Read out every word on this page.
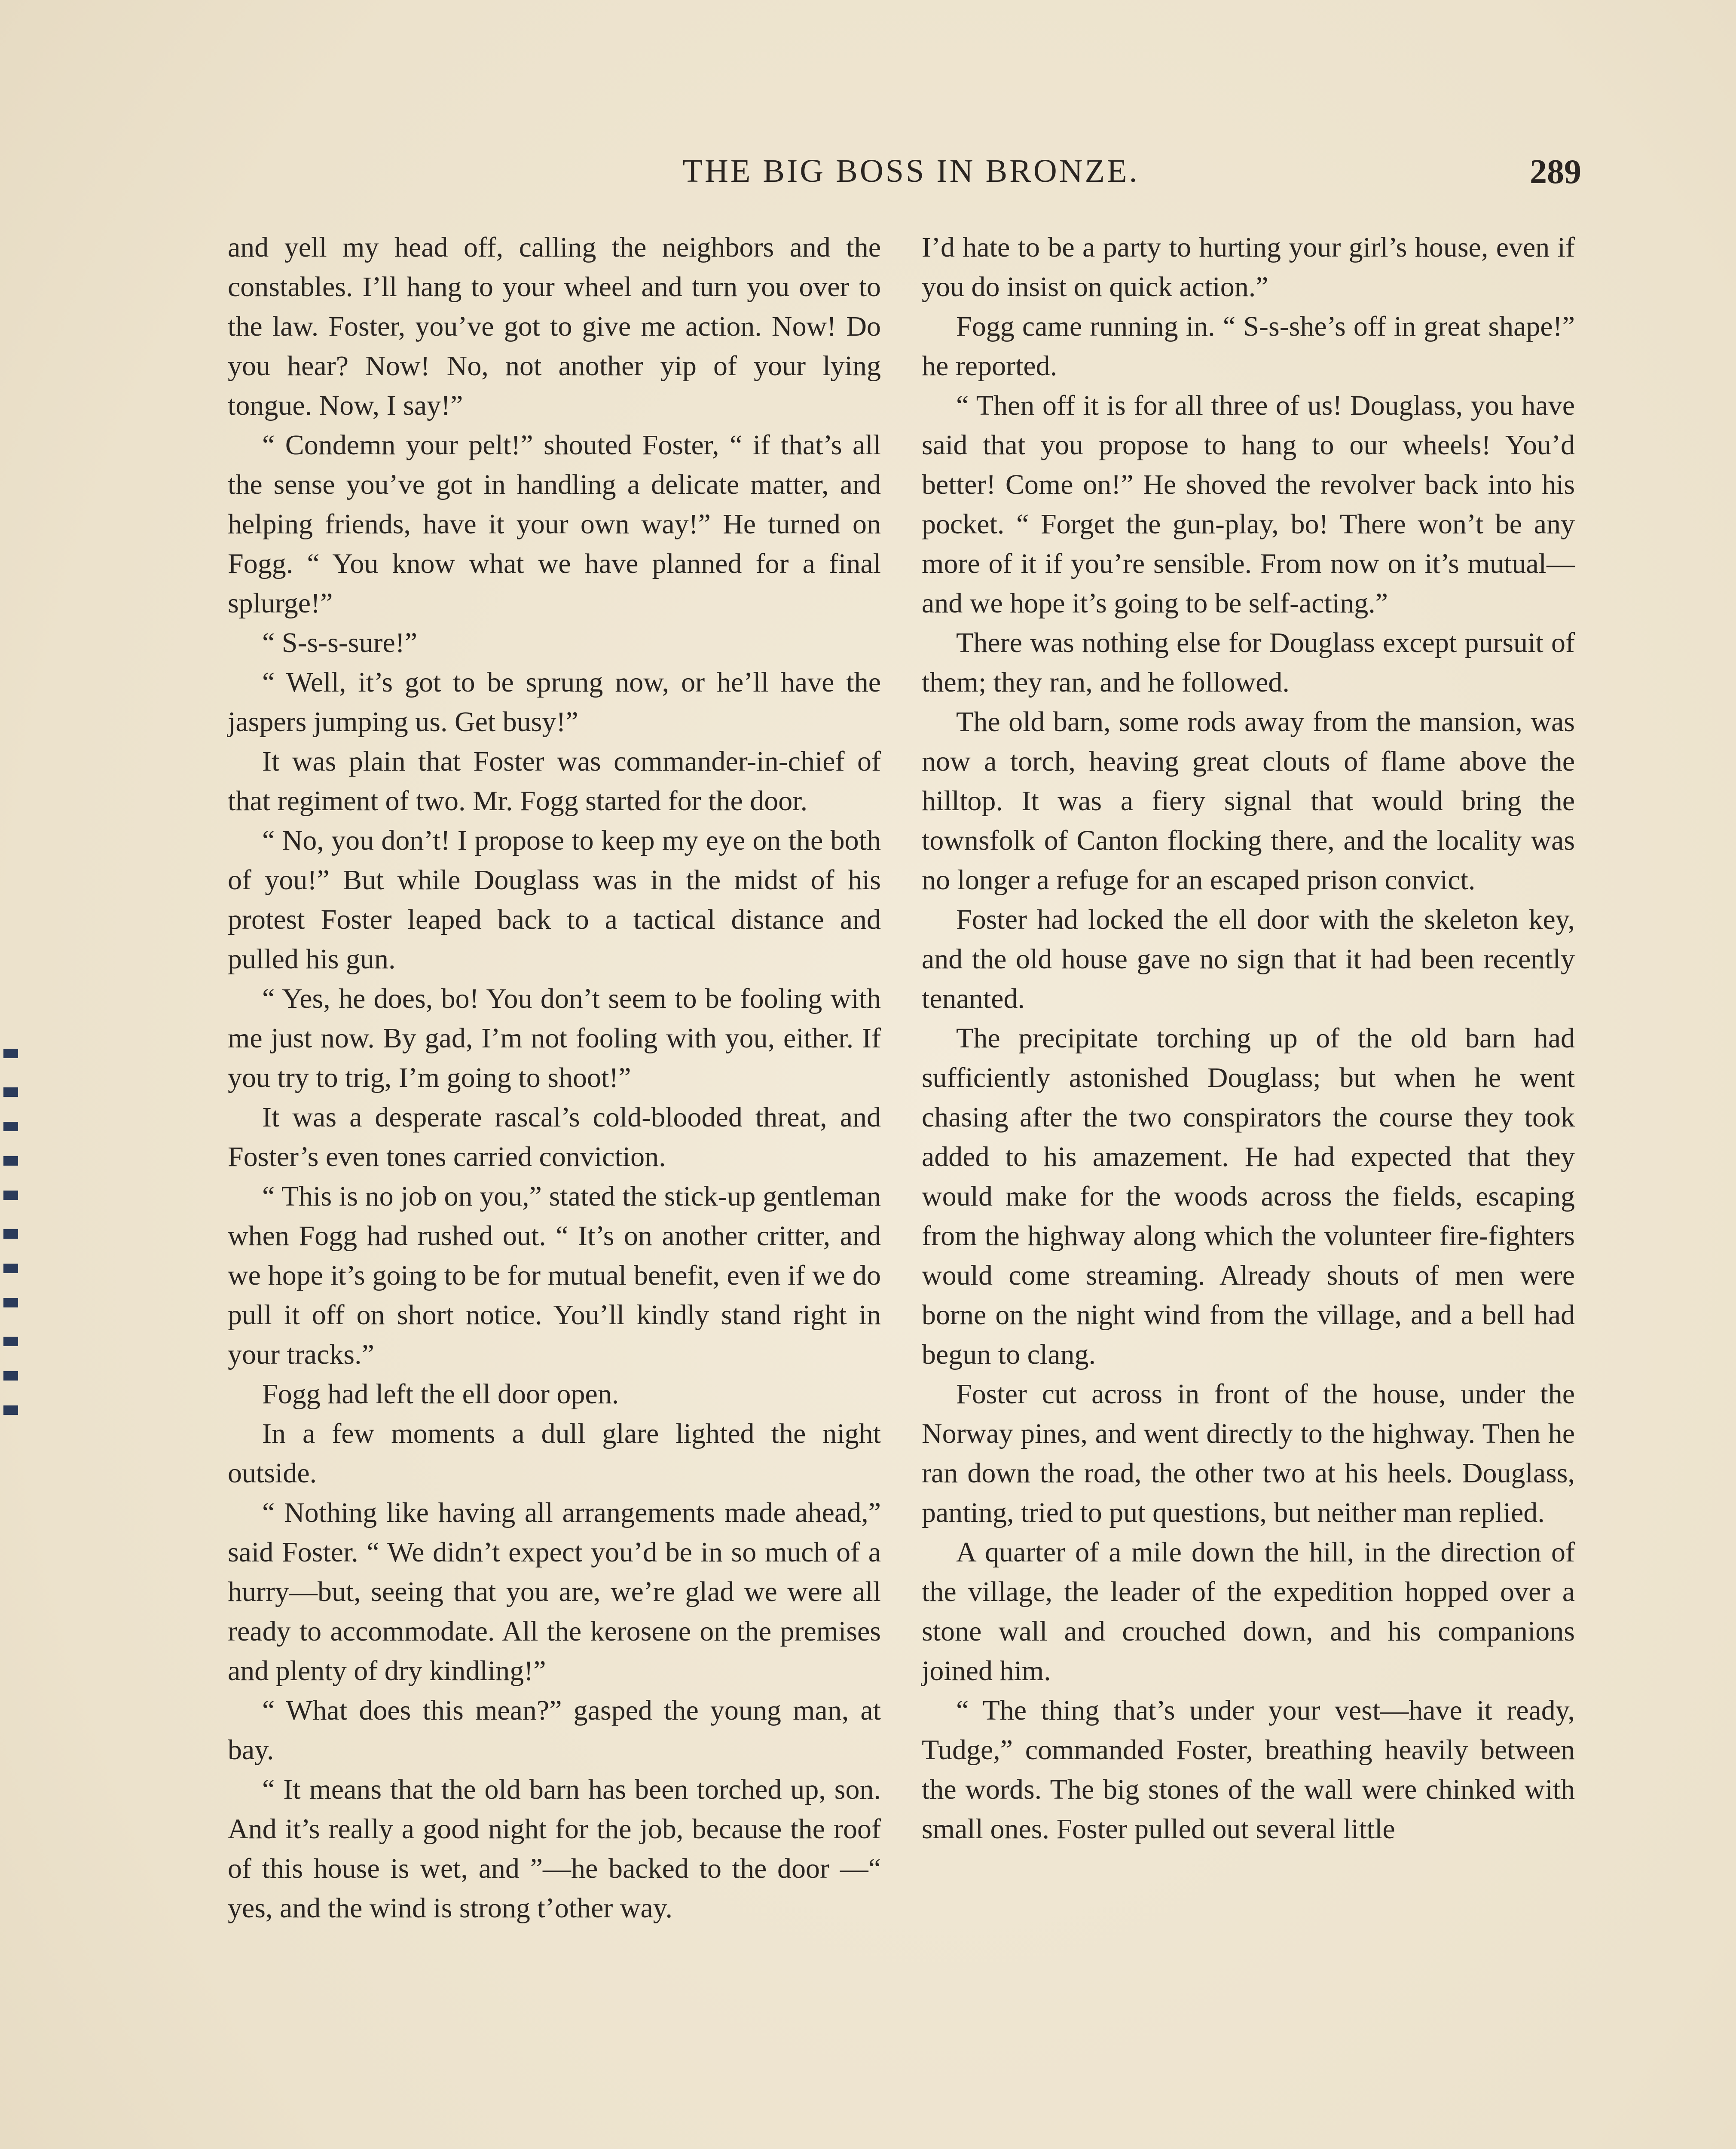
THE BIG BOSS IN BRONZE.	289

and yell my head off, calling the neighbors and the constables. I’ll hang to your wheel and turn you over to the law. Foster, you’ve got to give me action. Now! Do you hear? Now! No, not another yip of your lying tongue. Now, I say!”

“ Condemn your pelt!” shouted Foster, “ if that’s all the sense you’ve got in handling a delicate matter, and helping friends, have it your own way!” He turned on Fogg. “ You know what we have planned for a final splurge!”

“ S-s-s-sure!”

“ Well, it’s got to be sprung now, or he’ll have the jaspers jumping us. Get busy!”

It was plain that Foster was commander-in-chief of that regiment of two. Mr. Fogg started for the door.

“ No, you don’t! I propose to keep my eye on the both of you!” But while Douglass was in the midst of his protest Foster leaped back to a tactical distance and pulled his gun.

“ Yes, he does, bo! You don’t seem to be fooling with me just now. By gad, I’m not fooling with you, either. If you try to trig, I’m going to shoot!”

It was a desperate rascal’s cold-blooded threat, and Foster’s even tones carried conviction.

“ This is no job on you,” stated the stick-up gentleman when Fogg had rushed out. “ It’s on another critter, and we hope it’s going to be for mutual benefit, even if we do pull it off on short notice. You’ll kindly stand right in your tracks.”

Fogg had left the ell door open.

In a few moments a dull glare lighted the night outside.

“ Nothing like having all arrangements made ahead,” said Foster. “ We didn’t expect you’d be in so much of a hurry—but, seeing that you are, we’re glad we were all ready to accommodate. All the kerosene on the premises and plenty of dry kindling!”

“ What does this mean?” gasped the young man, at bay.

“ It means that the old barn has been torched up, son. And it’s really a good night for the job, because the roof of this house is wet, and ”—he backed to the door —“ yes, and the wind is strong t’other way.

I’d hate to be a party to hurting your girl’s house, even if you do insist on quick action.”

Fogg came running in. “ S-s-she’s off in great shape!” he reported.

“ Then off it is for all three of us! Douglass, you have said that you propose to hang to our wheels! You’d better! Come on!” He shoved the revolver back into his pocket. “ Forget the gun-play, bo! There won’t be any more of it if you’re sensible. From now on it’s mutual—and we hope it’s going to be self-acting.”

There was nothing else for Douglass except pursuit of them; they ran, and he followed.

The old barn, some rods away from the mansion, was now a torch, heaving great clouts of flame above the hilltop. It was a fiery signal that would bring the townsfolk of Canton flocking there, and the locality was no longer a refuge for an escaped prison convict.

Foster had locked the ell door with the skeleton key, and the old house gave no sign that it had been recently tenanted.

The precipitate torching up of the old barn had sufficiently astonished Douglass; but when he went chasing after the two conspirators the course they took added to his amazement. He had expected that they would make for the woods across the fields, escaping from the highway along which the volunteer fire-fighters would come streaming. Already shouts of men were borne on the night wind from the village, and a bell had begun to clang.

Foster cut across in front of the house, under the Norway pines, and went directly to the highway. Then he ran down the road, the other two at his heels. Douglass, panting, tried to put questions, but neither man replied.

A quarter of a mile down the hill, in the direction of the village, the leader of the expedition hopped over a stone wall and crouched down, and his companions joined him.

“ The thing that’s under your vest—have it ready, Tudge,” commanded Foster, breathing heavily between the words. The big stones of the wall were chinked with small ones. Foster pulled out several little
